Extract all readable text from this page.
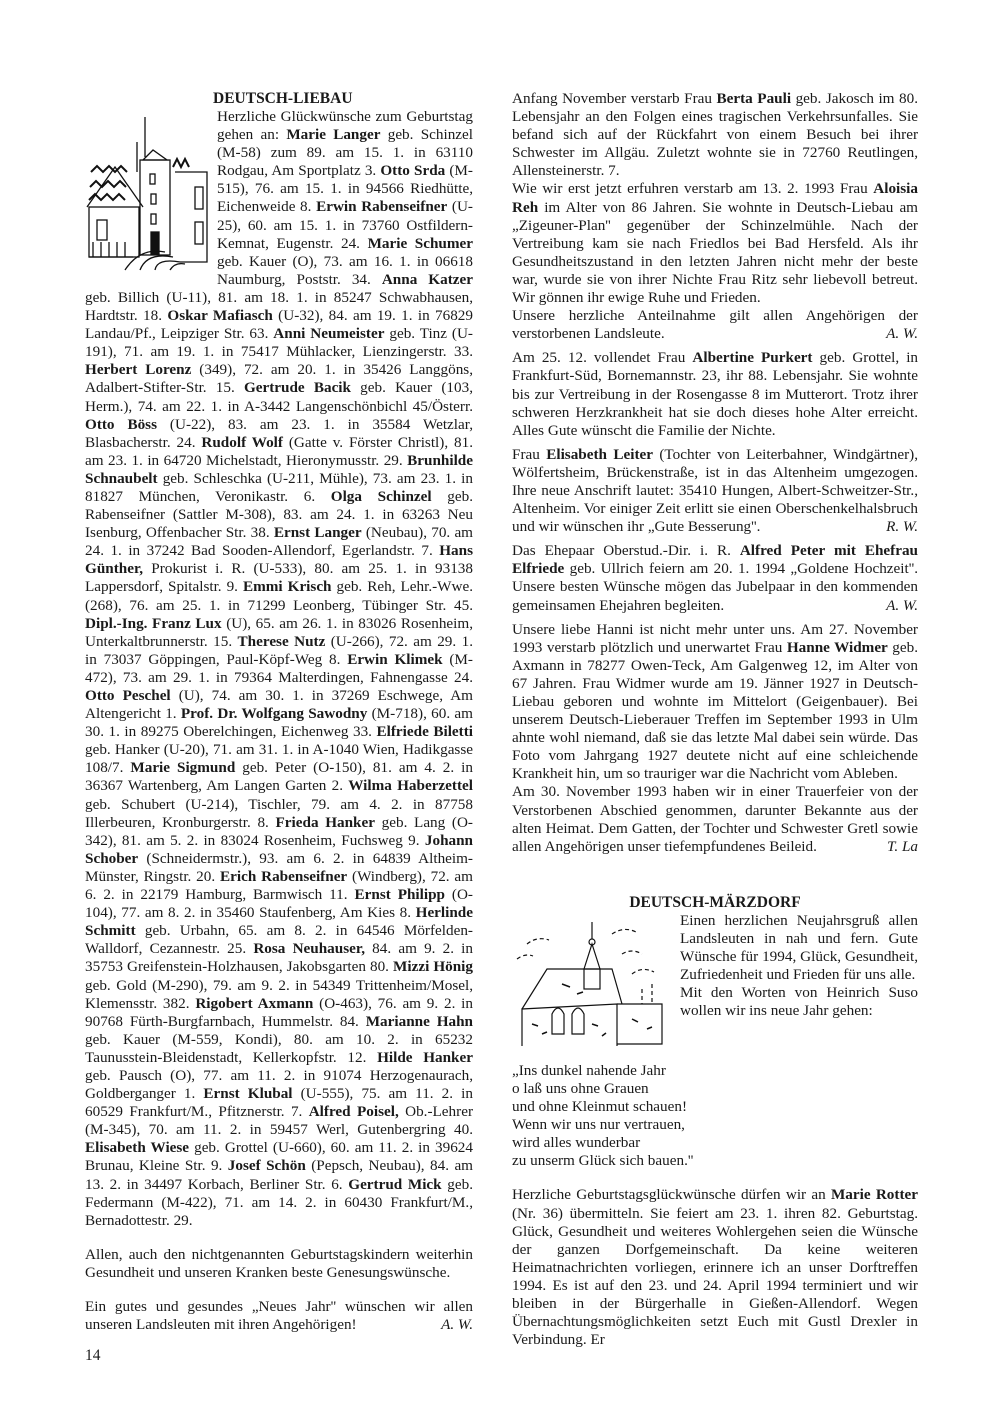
DEUTSCH-LIEBAU

Herzliche Glückwünsche zum Geburtstag gehen an: Marie Langer geb. Schinzel (M-58) zum 89. am 15. 1. in 63110 Rodgau, Am Sportplatz 3. Otto Srda (M-515), 76. am 15. 1. in 94566 Riedhütte, Eichenweide 8. Erwin Rabenseifner (U-25), 60. am 15. 1. in 73760 Ostfildern-Kemnat, Eugenstr. 24. Marie Schumer geb. Kauer (O), 73. am 16. 1. in 06618 Naumburg, Poststr. 34. Anna Katzer geb. Billich (U-11), 81. am 18. 1. in 85247 Schwabhausen, Hardtstr. 18. Oskar Mafiasch (U-32), 84. am 19. 1. in 76829 Landau/Pf., Leipziger Str. 63. Anni Neumeister geb. Tinz (U-191), 71. am 19. 1. in 75417 Mühlacker, Lienzingerstr. 33. Herbert Lorenz (349), 72. am 20. 1. in 35426 Langgöns, Adalbert-Stifter-Str. 15. Gertrude Bacik geb. Kauer (103, Herm.), 74. am 22. 1. in A-3442 Langenschönbichl 45/Österr. Otto Böss (U-22), 83. am 23. 1. in 35584 Wetzlar, Blasbacherstr. 24. Rudolf Wolf (Gatte v. Förster Christl), 81. am 23. 1. in 64720 Michelstadt, Hieronymusstr. 29. Brunhilde Schnaubelt geb. Schleschka (U-211, Mühle), 73. am 23. 1. in 81827 München, Veronikastr. 6. Olga Schinzel geb. Rabenseifner (Sattler M-308), 83. am 24. 1. in 63263 Neu Isenburg, Offenbacher Str. 38. Ernst Langer (Neubau), 70. am 24. 1. in 37242 Bad Sooden-Allendorf, Egerlandstr. 7. Hans Günther, Prokurist i. R. (U-533), 80. am 25. 1. in 93138 Lappersdorf, Spitalstr. 9. Emmi Krisch geb. Reh, Lehr.-Wwe. (268), 76. am 25. 1. in 71299 Leonberg, Tübinger Str. 45. Dipl.-Ing. Franz Lux (U), 65. am 26. 1. in 83026 Rosenheim, Unterkaltbrunnerstr. 15. Therese Nutz (U-266), 72. am 29. 1. in 73037 Göppingen, Paul-Köpf-Weg 8. Erwin Klimek (M-472), 73. am 29. 1. in 79364 Malterdingen, Fahnengasse 24. Otto Peschel (U), 74. am 30. 1. in 37269 Eschwege, Am Altengericht 1. Prof. Dr. Wolfgang Sawodny (M-718), 60. am 30. 1. in 89275 Oberelchingen, Eichenweg 33. Elfriede Biletti geb. Hanker (U-20), 71. am 31. 1. in A-1040 Wien, Hadikgasse 108/7. Marie Sigmund geb. Peter (O-150), 81. am 4. 2. in 36367 Wartenberg, Am Langen Garten 2. Wilma Haberzettel geb. Schubert (U-214), Tischler, 79. am 4. 2. in 87758 Illerbeuren, Kronburgerstr. 8. Frieda Hanker geb. Lang (O-342), 81. am 5. 2. in 83024 Rosenheim, Fuchsweg 9. Johann Schober (Schneidermstr.), 93. am 6. 2. in 64839 Altheim-Münster, Ringstr. 20. Erich Rabenseifner (Windberg), 72. am 6. 2. in 22179 Hamburg, Barmwisch 11. Ernst Philipp (O-104), 77. am 8. 2. in 35460 Staufenberg, Am Kies 8. Herlinde Schmitt geb. Urbahn, 65. am 8. 2. in 64546 Mörfelden-Walldorf, Cezannestr. 25. Rosa Neuhauser, 84. am 9. 2. in 35753 Greifenstein-Holzhausen, Jakobsgarten 80. Mizzi Hönig geb. Gold (M-290), 79. am 9. 2. in 54349 Trittenheim/Mosel, Klemensstr. 382. Rigobert Axmann (O-463), 76. am 9. 2. in 90768 Fürth-Burgfarnbach, Hummelstr. 84. Marianne Hahn geb. Kauer (M-559, Kondi), 80. am 10. 2. in 65232 Taunusstein-Bleidenstadt, Kellerkopfstr. 12. Hilde Hanker geb. Pausch (O), 77. am 11. 2. in 91074 Herzogenaurach, Goldberganger 1. Ernst Klubal (U-555), 75. am 11. 2. in 60529 Frankfurt/M., Pfitznerstr. 7. Alfred Poisel, Ob.-Lehrer (M-345), 70. am 11. 2. in 59457 Werl, Gutenbergring 40. Elisabeth Wiese geb. Grottel (U-660), 60. am 11. 2. in 39624 Brunau, Kleine Str. 9. Josef Schön (Pepsch, Neubau), 84. am 13. 2. in 34497 Korbach, Berliner Str. 6. Gertrud Mick geb. Federmann (M-422), 71. am 14. 2. in 60430 Frankfurt/M., Bernadottestr. 29.

Allen, auch den nichtgenannten Geburtstagskindern weiterhin Gesundheit und unseren Kranken beste Genesungswünsche.

Ein gutes und gesundes „Neues Jahr'' wünschen wir allen unseren Landsleuten mit ihren Angehörigen!	A. W.

Anfang November verstarb Frau Berta Pauli geb. Jakosch im 80. Lebensjahr an den Folgen eines tragischen Verkehrsunfalles. Sie befand sich auf der Rückfahrt von einem Besuch bei ihrer Schwester im Allgäu. Zuletzt wohnte sie in 72760 Reutlingen, Allensteinerstr. 7.

Wie wir erst jetzt erfuhren verstarb am 13. 2. 1993 Frau Aloisia Reh im Alter von 86 Jahren. Sie wohnte in Deutsch-Liebau am „Zigeuner-Plan'' gegenüber der Schinzelmühle. Nach der Vertreibung kam sie nach Friedlos bei Bad Hersfeld. Als ihr Gesundheitszustand in den letzten Jahren nicht mehr der beste war, wurde sie von ihrer Nichte Frau Ritz sehr liebevoll betreut. Wir gönnen ihr ewige Ruhe und Frieden.

Unsere herzliche Anteilnahme gilt allen Angehörigen der verstorbenen Landsleute.	A. W.

Am 25. 12. vollendet Frau Albertine Purkert geb. Grottel, in Frankfurt-Süd, Bornemannstr. 23, ihr 88. Lebensjahr. Sie wohnte bis zur Vertreibung in der Rosengasse 8 im Mutterort. Trotz ihrer schweren Herzkrankheit hat sie doch dieses hohe Alter erreicht. Alles Gute wünscht die Familie der Nichte.

Frau Elisabeth Leiter (Tochter von Leiterbahner, Windgärtner), Wölfertsheim, Brückenstraße, ist in das Altenheim umgezogen. Ihre neue Anschrift lautet: 35410 Hungen, Albert-Schweitzer-Str., Altenheim. Vor einiger Zeit erlitt sie einen Oberschenkelhalsbruch und wir wünschen ihr „Gute Besserung''.	R. W.

Das Ehepaar Oberstud.-Dir. i. R. Alfred Peter mit Ehefrau Elfriede geb. Ullrich feiern am 20. 1. 1994 „Goldene Hochzeit''. Unsere besten Wünsche mögen das Jubelpaar in den kommenden gemeinsamen Ehejahren begleiten.	A. W.

Unsere liebe Hanni ist nicht mehr unter uns. Am 27. November 1993 verstarb plötzlich und unerwartet Frau Hanne Widmer geb. Axmann in 78277 Owen-Teck, Am Galgenweg 12, im Alter von 67 Jahren. Frau Widmer wurde am 19. Jänner 1927 in Deutsch-Liebau geboren und wohnte im Mittelort (Geigenbauer). Bei unserem Deutsch-Lieberauer Treffen im September 1993 in Ulm ahnte wohl niemand, daß sie das letzte Mal dabei sein würde. Das Foto vom Jahrgang 1927 deutete nicht auf eine schleichende Krankheit hin, um so trauriger war die Nachricht vom Ableben.

Am 30. November 1993 haben wir in einer Trauerfeier von der Verstorbenen Abschied genommen, darunter Bekannte aus der alten Heimat. Dem Gatten, der Tochter und Schwester Gretl sowie allen Angehörigen unser tiefempfundenes Beileid.	T. La

DEUTSCH-MÄRZDORF

Einen herzlichen Neujahrsgruß allen Landsleuten in nah und fern. Gute Wünsche für 1994, Glück, Gesundheit, Zufriedenheit und Frieden für uns alle.

Mit den Worten von Heinrich Suso wollen wir ins neue Jahr gehen:

„Ins dunkel nahende Jahr

o laß uns ohne Grauen

und ohne Kleinmut schauen!

Wenn wir uns nur vertrauen,

wird alles wunderbar

zu unserm Glück sich bauen.''

Herzliche Geburtstagsglückwünsche dürfen wir an Marie Rotter (Nr. 36) übermitteln. Sie feiert am 23. 1. ihren 82. Geburtstag. Glück, Gesundheit und weiteres Wohlergehen seien die Wünsche der ganzen Dorfgemeinschaft. Da keine weiteren Heimatnachrichten vorliegen, erinnere ich an unser Dorftreffen 1994. Es ist auf den 23. und 24. April 1994 terminiert und wir bleiben in der Bürgerhalle in Gießen-Allendorf. Wegen Übernachtungsmöglichkeiten setzt Euch mit Gustl Drexler in Verbindung. Er

14
